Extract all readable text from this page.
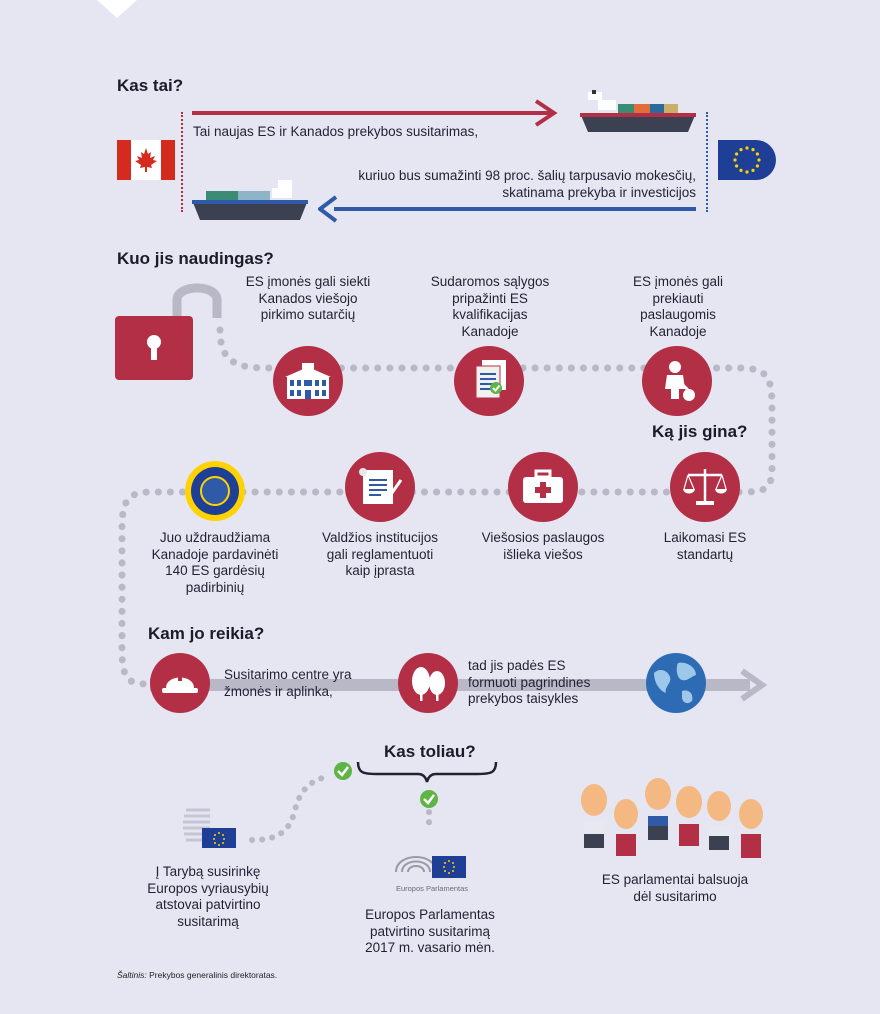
Kas tai?
Tai naujas ES ir Kanados prekybos susitarimas,
kuriuo bus sumažinti 98 proc. šalių tarpusavio mokesčių,
skatinama prekyba ir investicijos
Kuo jis naudingas?
ES įmonės gali siekti
Kanados viešojo
pirkimo sutarčių
Sudaromos sąlygos
pripažinti ES
kvalifikacijas
Kanadoje
ES įmonės gali
prekiauti
paslaugomis
Kanadoje
Ką jis gina?
Juo uždraudžiama
Kanadoje pardavinėti
140 ES gardėsių
padirbinių
Valdžios institucijos
gali reglamentuoti
kaip įprasta
Viešosios paslaugos
išlieka viešos
Laikomasi ES
standartų
Kam jo reikia?
Susitarimo centre yra
žmonės ir aplinka,
tad jis padės ES
formuoti pagrindines
prekybos taisykles
Kas toliau?
Į Tarybą susirinkę
Europos vyriausybių
atstovai patvirtino
susitarimą
Europos Parlamentas
Europos Parlamentas
patvirtino susitarimą
2017 m. vasario mėn.
ES parlamentai balsuoja
dėl susitarimo
Šaltinis: Prekybos generalinis direktoratas.
